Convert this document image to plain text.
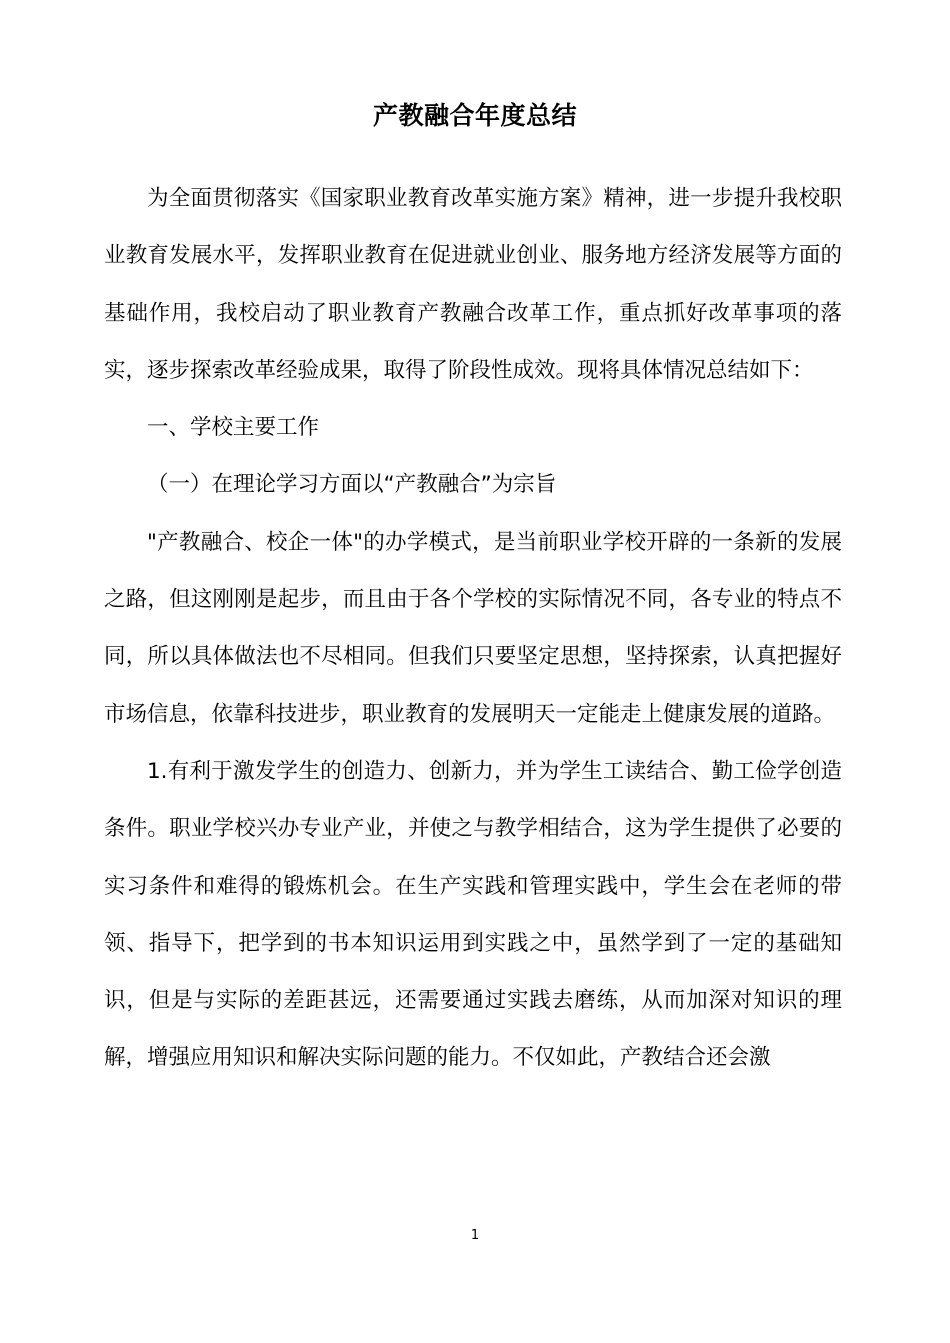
产教融合年度总结

为全面贯彻落实《国家职业教育改革实施方案》精神，进一步提升我校职业教育发展水平，发挥职业教育在促进就业创业、服务地方经济发展等方面的基础作用，我校启动了职业教育产教融合改革工作，重点抓好改革事项的落实，逐步探索改革经验成果，取得了阶段性成效。现将具体情况总结如下：

一、学校主要工作

（一）在理论学习方面以“产教融合”为宗旨

"产教融合、校企一体"的办学模式，是当前职业学校开辟的一条新的发展之路，但这刚刚是起步，而且由于各个学校的实际情况不同，各专业的特点不同，所以具体做法也不尽相同。但我们只要坚定思想，坚持探索，认真把握好市场信息，依靠科技进步，职业教育的发展明天一定能走上健康发展的道路。

1.有利于激发学生的创造力、创新力，并为学生工读结合、勤工俭学创造条件。职业学校兴办专业产业，并使之与教学相结合，这为学生提供了必要的实习条件和难得的锻炼机会。在生产实践和管理实践中，学生会在老师的带领、指导下，把学到的书本知识运用到实践之中，虽然学到了一定的基础知识，但是与实际的差距甚远，还需要通过实践去磨练，从而加深对知识的理解，增强应用知识和解决实际问题的能力。不仅如此，产教结合还会激

1
